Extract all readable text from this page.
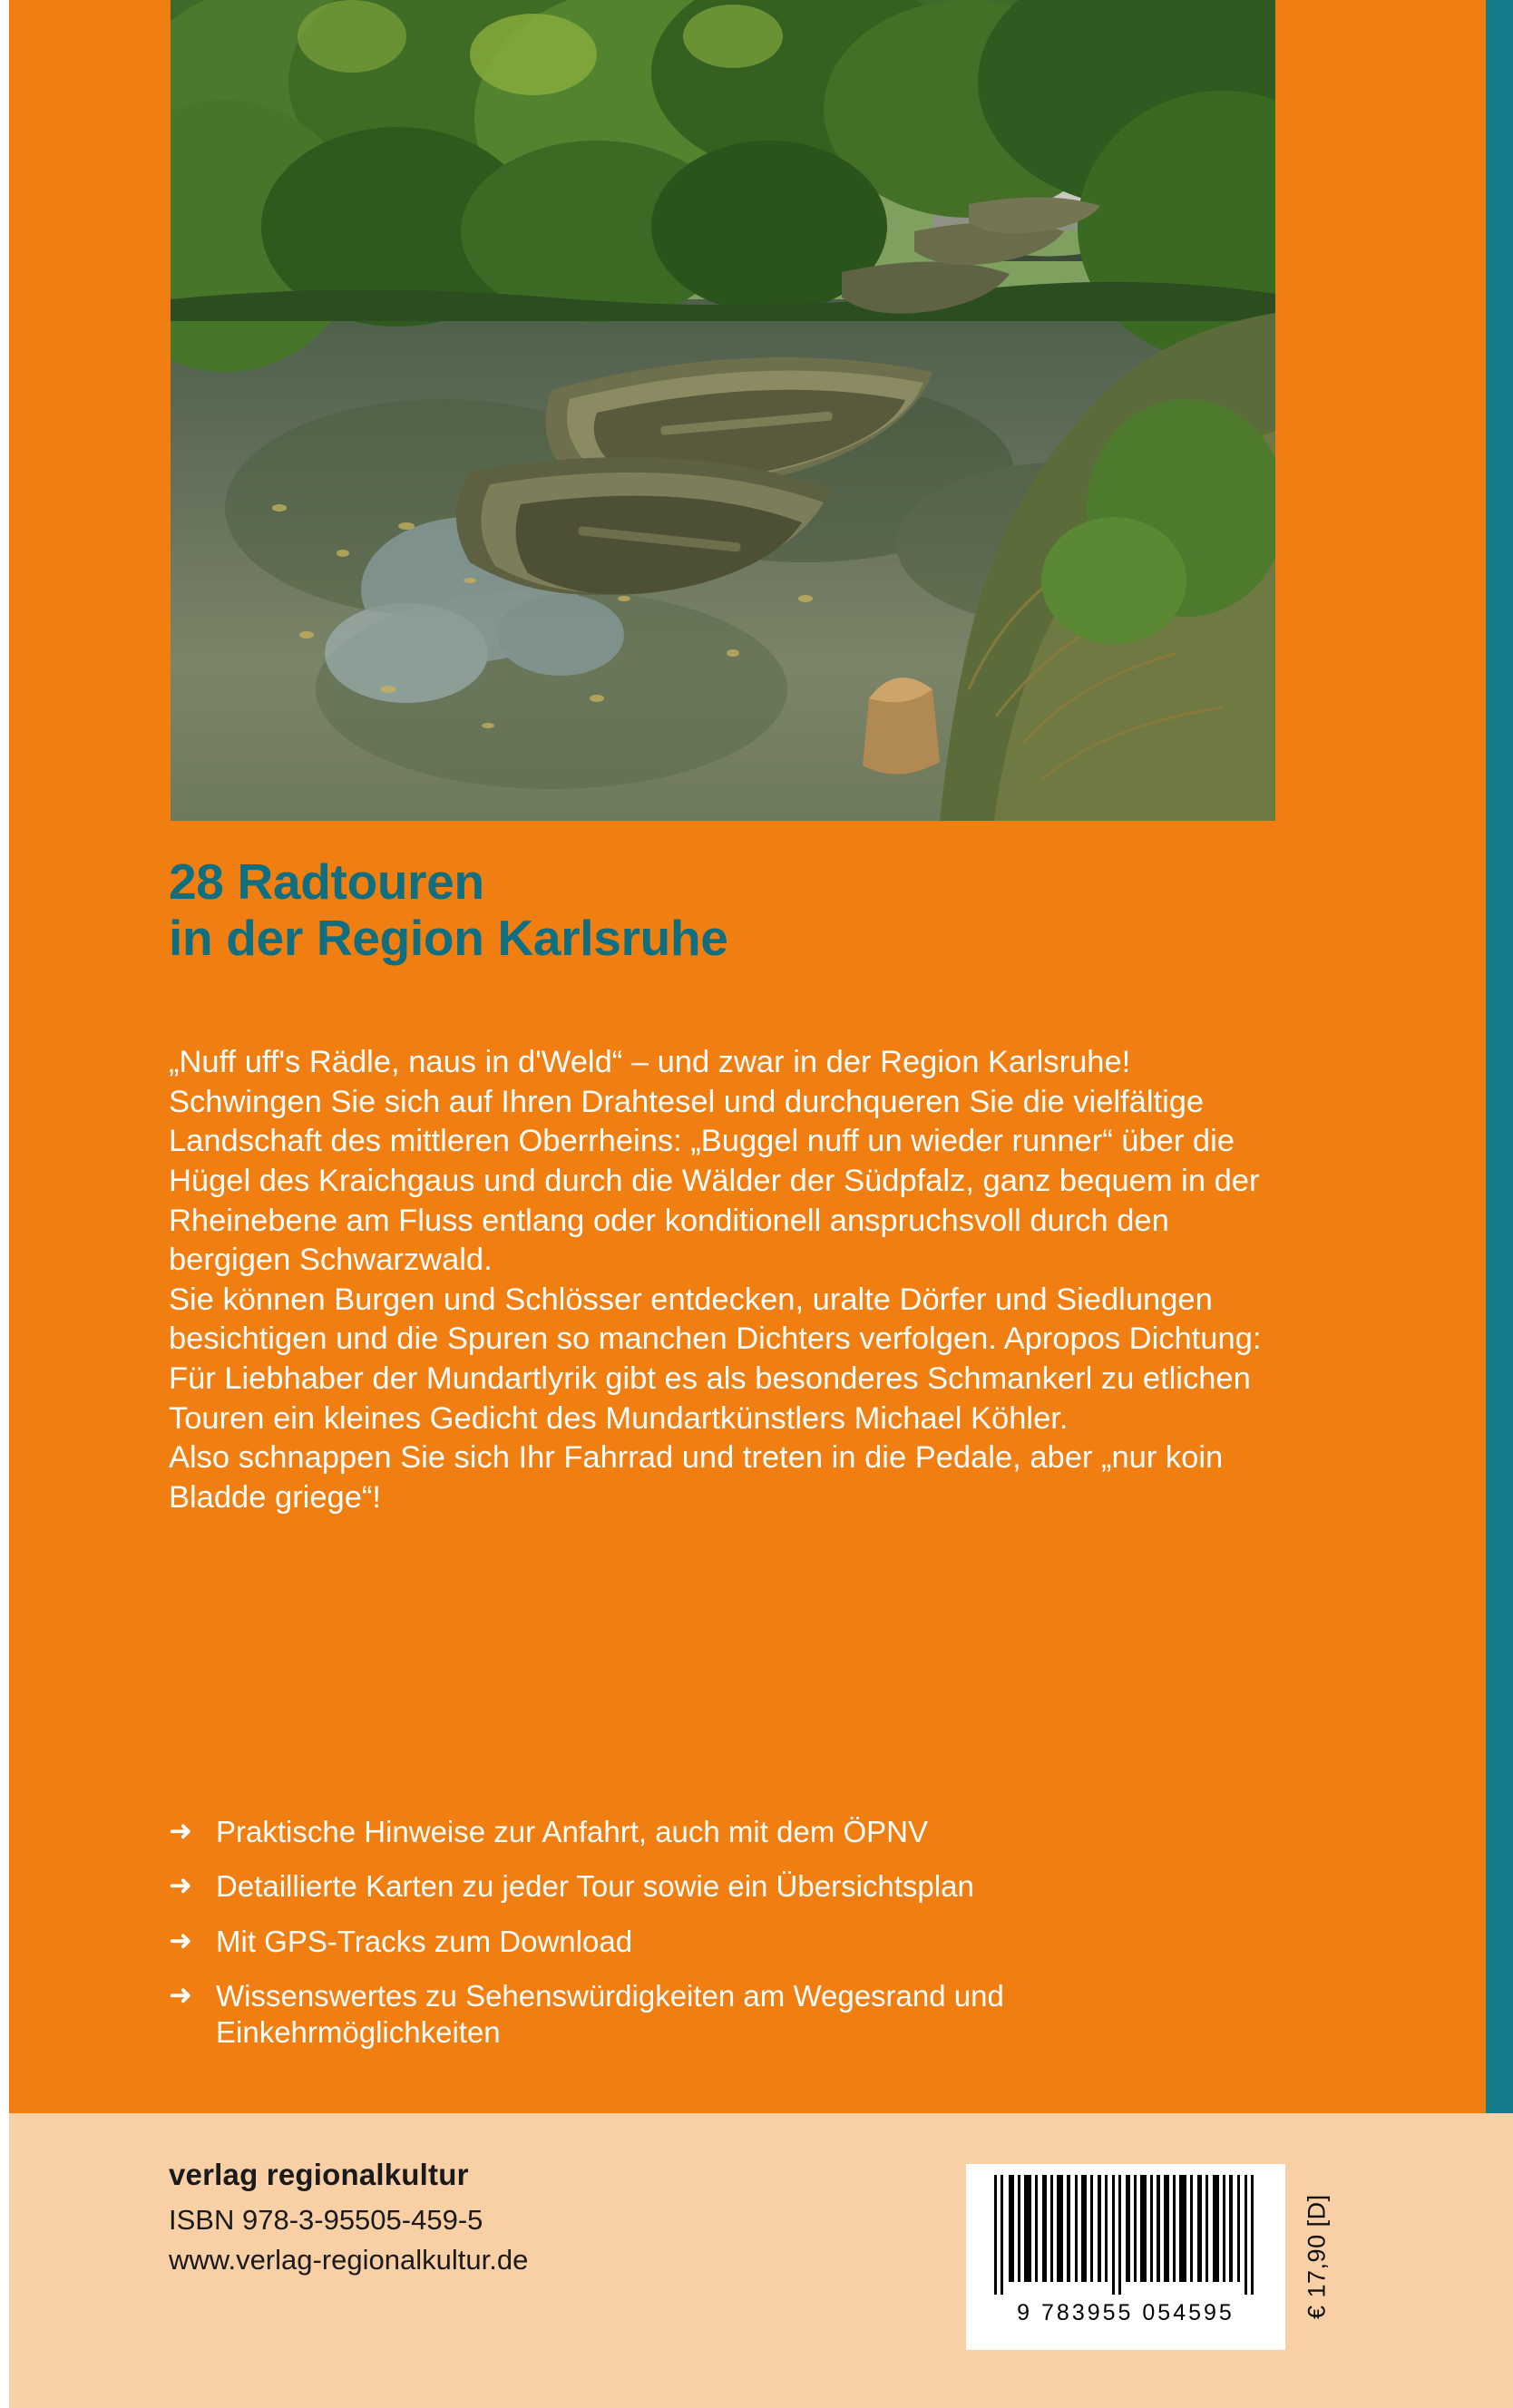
28 Radtouren
in der Region Karlsruhe

„Nuff uff's Rädle, naus in d'Weld“ – und zwar in der Region Karlsruhe! Schwingen Sie sich auf Ihren Drahtesel und durchqueren Sie die vielfältige Landschaft des mittleren Oberrheins: „Buggel nuff un wieder runner“ über die Hügel des Kraichgaus und durch die Wälder der Südpfalz, ganz bequem in der Rheinebene am Fluss entlang oder konditionell anspruchsvoll durch den bergigen Schwarzwald.

Sie können Burgen und Schlösser entdecken, uralte Dörfer und Siedlungen besichtigen und die Spuren so manchen Dichters verfolgen. Apropos Dichtung: Für Liebhaber der Mundartlyrik gibt es als besonderes Schmankerl zu etlichen Touren ein kleines Gedicht des Mundartkünstlers Michael Köhler.

Also schnappen Sie sich Ihr Fahrrad und treten in die Pedale, aber „nur koin Bladde griege“!

➜ Praktische Hinweise zur Anfahrt, auch mit dem ÖPNV
➜ Detaillierte Karten zu jeder Tour sowie ein Übersichtsplan
➜ Mit GPS-Tracks zum Download
➜ Wissenswertes zu Sehenswürdigkeiten am Wegesrand und Einkehrmöglichkeiten
verlag regionalkultur
ISBN 978-3-95505-459-5
www.verlag-regionalkultur.de
9 783955 054595	€ 17,90 [D]
